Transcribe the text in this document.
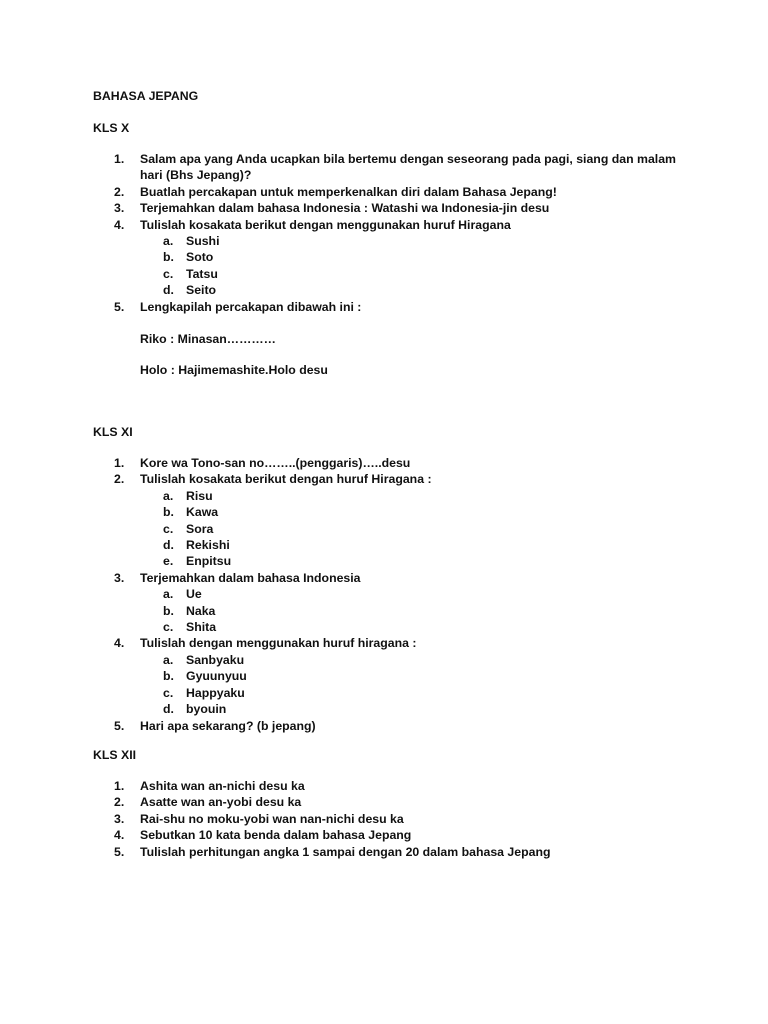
BAHASA JEPANG
KLS X
1. Salam apa yang Anda ucapkan bila bertemu dengan seseorang pada pagi, siang dan malam hari (Bhs Jepang)?
2. Buatlah percakapan untuk memperkenalkan diri dalam Bahasa Jepang!
3. Terjemahkan dalam bahasa Indonesia : Watashi wa Indonesia-jin desu
4. Tulislah kosakata berikut dengan menggunakan huruf Hiragana
a. Sushi
b. Soto
c. Tatsu
d. Seito
5. Lengkapilah percakapan dibawah ini :
Riko : Minasan…………
Holo : Hajimemashite.Holo desu
KLS XI
1. Kore wa Tono-san no……..(penggaris)…..desu
2. Tulislah kosakata berikut dengan huruf Hiragana :
a. Risu
b. Kawa
c. Sora
d. Rekishi
e. Enpitsu
3. Terjemahkan dalam bahasa Indonesia
a. Ue
b. Naka
c. Shita
4. Tulislah dengan menggunakan huruf hiragana :
a. Sanbyaku
b. Gyuunyuu
c. Happyaku
d. byouin
5. Hari apa sekarang? (b jepang)
KLS XII
1. Ashita wan an-nichi desu ka
2. Asatte wan an-yobi desu ka
3. Rai-shu no moku-yobi wan nan-nichi desu ka
4. Sebutkan 10 kata benda dalam bahasa Jepang
5. Tulislah perhitungan angka 1 sampai dengan 20 dalam bahasa Jepang
